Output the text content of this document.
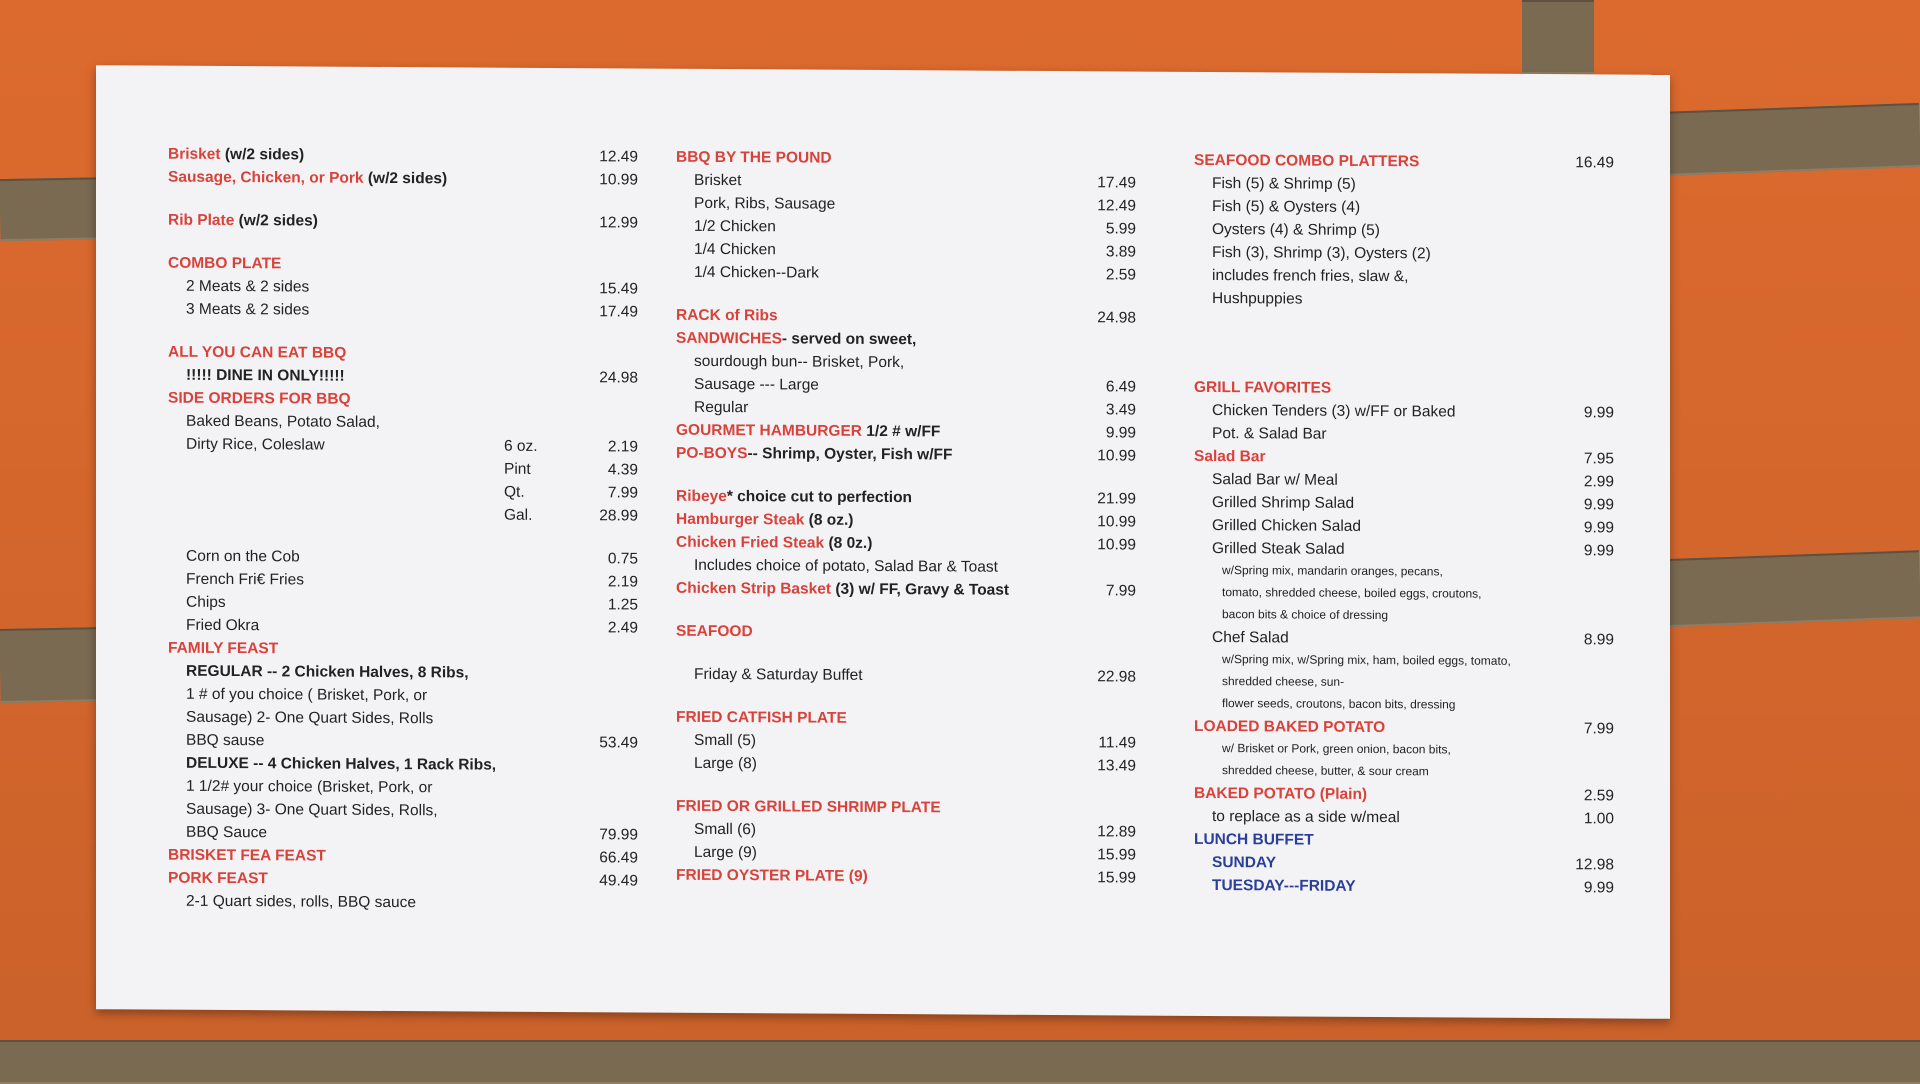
Brisket (w/2 sides)	12.49
Sausage, Chicken, or Pork (w/2 sides)	10.99
Rib Plate (w/2 sides)	12.99
COMBO PLATE
2 Meats & 2 sides	15.49
3 Meats & 2 sides	17.49
ALL YOU CAN EAT BBQ
!!!!! DINE IN ONLY!!!!!	24.98
SIDE ORDERS FOR BBQ
Baked Beans, Potato Salad,
Dirty Rice, Coleslaw	6 oz.	2.19
Pint	4.39
Qt.	7.99
Gal.	28.99
Corn on the Cob	0.75
French Fri€ Fries	2.19
Chips	1.25
Fried Okra	2.49
FAMILY FEAST
REGULAR -- 2 Chicken Halves, 8 Ribs,
1 # of you choice ( Brisket, Pork, or
Sausage) 2- One Quart Sides, Rolls
BBQ sause	53.49
DELUXE -- 4 Chicken Halves, 1 Rack Ribs,
1 1/2# your choice (Brisket, Pork, or
Sausage) 3- One Quart Sides, Rolls,
BBQ Sauce	79.99
BRISKET FEA FEAST	66.49
PORK FEAST	49.49
2-1 Quart sides, rolls, BBQ sauce
BBQ BY THE POUND
Brisket	17.49
Pork, Ribs, Sausage	12.49
1/2 Chicken	5.99
1/4 Chicken	3.89
1/4 Chicken--Dark	2.59
RACK of Ribs	24.98
SANDWICHES- served on sweet,
sourdough bun-- Brisket, Pork,
Sausage --- Large	6.49
Regular	3.49
GOURMET HAMBURGER 1/2 # w/FF	9.99
PO-BOYS-- Shrimp, Oyster, Fish w/FF	10.99
Ribeye* choice cut to perfection	21.99
Hamburger Steak (8 oz.)	10.99
Chicken Fried Steak (8 0z.)	10.99
Includes choice of potato, Salad Bar & Toast
Chicken Strip Basket (3) w/ FF, Gravy & Toast	7.99
SEAFOOD
Friday & Saturday Buffet	22.98
FRIED CATFISH PLATE
Small (5)	11.49
Large (8)	13.49
FRIED OR GRILLED SHRIMP PLATE
Small (6)	12.89
Large (9)	15.99
FRIED OYSTER PLATE (9)	15.99
SEAFOOD COMBO PLATTERS	16.49
Fish (5) & Shrimp (5)
Fish (5) & Oysters (4)
Oysters (4) & Shrimp (5)
Fish (3), Shrimp (3), Oysters (2)
includes french fries, slaw &,
Hushpuppies
GRILL FAVORITES
Chicken Tenders (3) w/FF or Baked	9.99
Pot. & Salad Bar
Salad Bar	7.95
Salad Bar w/ Meal	2.99
Grilled Shrimp Salad	9.99
Grilled Chicken Salad	9.99
Grilled Steak Salad	9.99
w/Spring mix, mandarin oranges, pecans,
tomato, shredded cheese, boiled eggs, croutons,
bacon bits & choice of dressing
Chef Salad	8.99
w/Spring mix, w/Spring mix, ham, boiled eggs, tomato,
shredded cheese, sun-
flower seeds, croutons, bacon bits, dressing
LOADED BAKED POTATO	7.99
w/ Brisket or Pork, green onion, bacon bits,
shredded cheese, butter, & sour cream
BAKED POTATO (Plain)	2.59
to replace as a side w/meal	1.00
LUNCH BUFFET
SUNDAY	12.98
TUESDAY---FRIDAY	9.99
